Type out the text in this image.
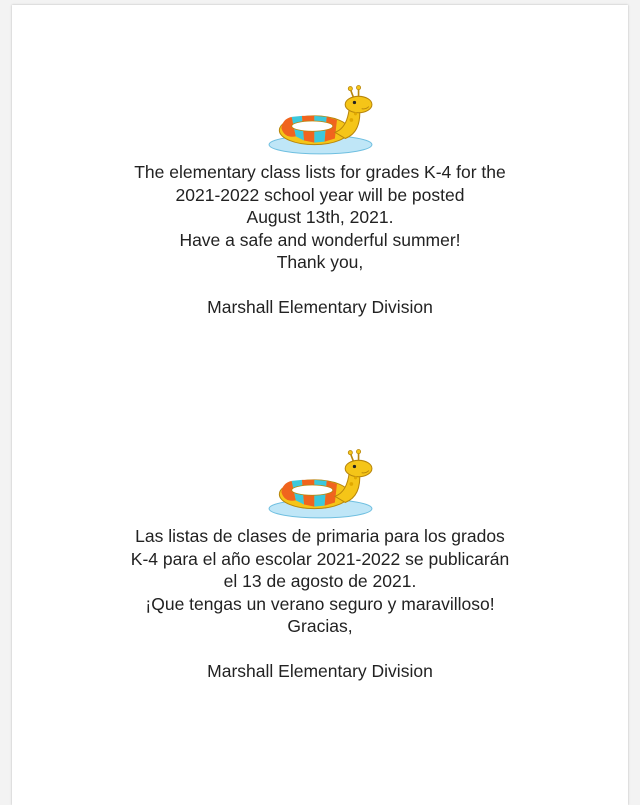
The elementary class lists for grades K-4 for the
2021-2022 school year will be posted
August 13th, 2021.
Have a safe and wonderful summer!
Thank you,
Marshall Elementary Division
Las listas de clases de primaria para los grados
K-4 para el año escolar 2021-2022 se publicarán
el 13 de agosto de 2021.
¡Que tengas un verano seguro y maravilloso!
Gracias,
Marshall Elementary Division
